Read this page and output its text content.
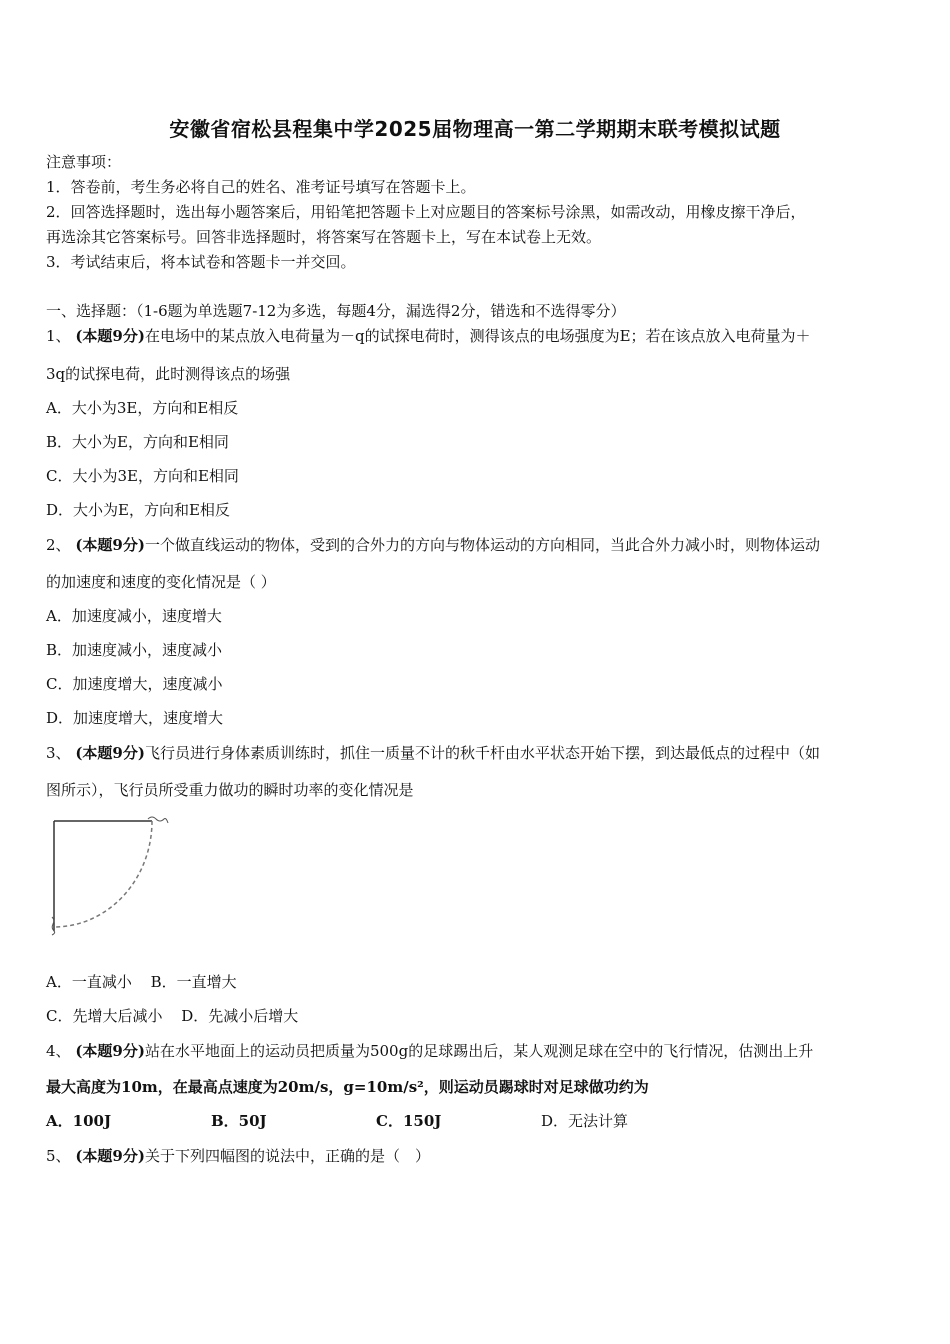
安徽省宿松县程集中学2025届物理高一第二学期期末联考模拟试题
注意事项：
1．答卷前，考生务必将自己的姓名、准考证号填写在答题卡上。
2．回答选择题时，选出每小题答案后，用铅笔把答题卡上对应题目的答案标号涂黑，如需改动，用橡皮擦干净后，
再选涂其它答案标号。回答非选择题时，将答案写在答题卡上，写在本试卷上无效。
3．考试结束后，将本试卷和答题卡一并交回。
一、选择题：（1-6题为单选题7-12为多选，每题4分，漏选得2分，错选和不选得零分）
1、 (本题9分)在电场中的某点放入电荷量为－q的试探电荷时，测得该点的电场强度为E；若在该点放入电荷量为＋
3q的试探电荷，此时测得该点的场强
A．大小为3E，方向和E相反
B．大小为E，方向和E相同
C．大小为3E，方向和E相同
D．大小为E，方向和E相反
2、 (本题9分)一个做直线运动的物体，受到的合外力的方向与物体运动的方向相同，当此合外力减小时，则物体运动
的加速度和速度的变化情况是（ ）
A．加速度减小，速度增大
B．加速度减小，速度减小
C．加速度增大，速度减小
D．加速度增大，速度增大
3、 (本题9分)飞行员进行身体素质训练时，抓住一质量不计的秋千杆由水平状态开始下摆，到达最低点的过程中（如
图所示），飞行员所受重力做功的瞬时功率的变化情况是
A．一直减小 B．一直增大
C．先增大后减小 D．先减小后增大
4、 (本题9分)站在水平地面上的运动员把质量为500g的足球踢出后，某人观测足球在空中的飞行情况，估测出上升
最大高度为10m，在最高点速度为20m/s，g=10m/s²，则运动员踢球时对足球做功约为
A．100J	B．50J	C．150J	D．无法计算
5、 (本题9分)关于下列四幅图的说法中，正确的是（　）
